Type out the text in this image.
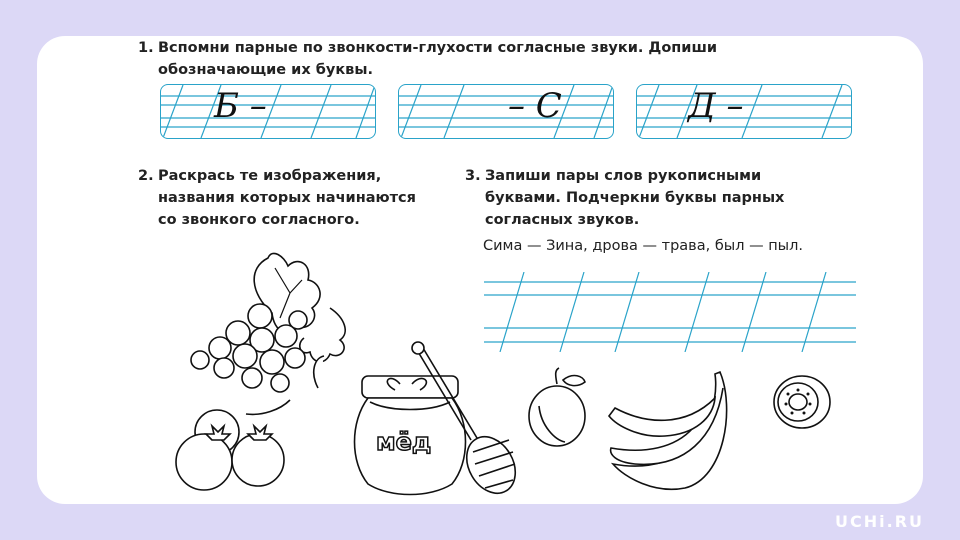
1. Вспомни парные по звонкости-глухости согласные звуки. Допиши
обозначающие их буквы.
Б –	– С	Д –
2. Раскрась те изображения,
названия которых начинаются
со звонкого согласного.
3. Запиши пары слов рукописными
буквами. Подчеркни буквы парных
согласных звуков.
Сима — Зина, дрова — трава, был — пыл.
мёд
UCHi.RU
